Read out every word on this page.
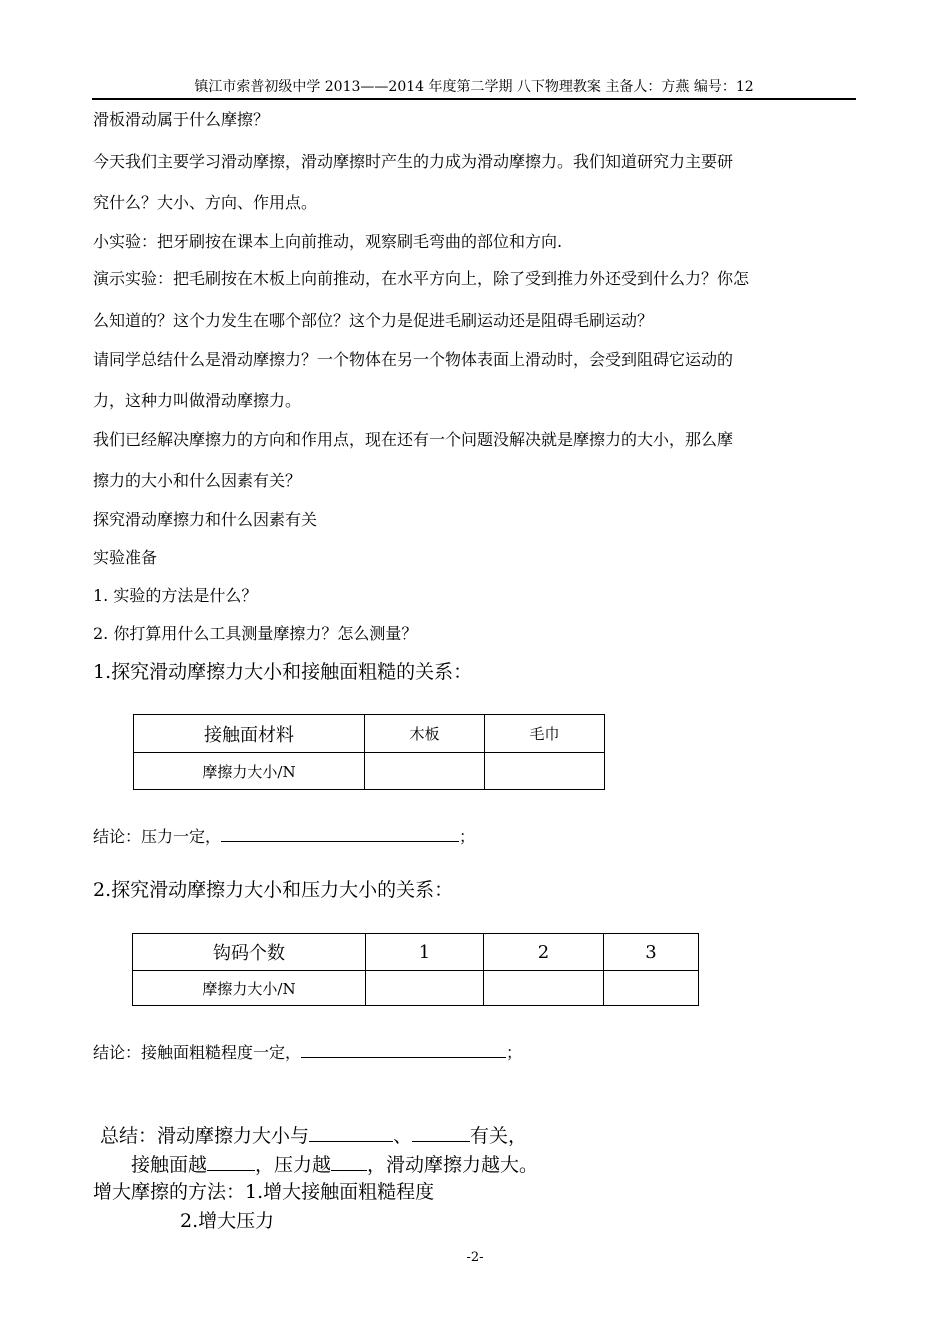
镇江市索普初级中学 2013——2014 年度第二学期 八下物理教案 主备人：方燕 编号：12
滑板滑动属于什么摩擦？
今天我们主要学习滑动摩擦，滑动摩擦时产生的力成为滑动摩擦力。我们知道研究力主要研
究什么？大小、方向、作用点。
小实验：把牙刷按在课本上向前推动，观察刷毛弯曲的部位和方向.
演示实验：把毛刷按在木板上向前推动，在水平方向上，除了受到推力外还受到什么力？你怎
么知道的？这个力发生在哪个部位？这个力是促进毛刷运动还是阻碍毛刷运动？
请同学总结什么是滑动摩擦力？一个物体在另一个物体表面上滑动时，会受到阻碍它运动的
力，这种力叫做滑动摩擦力。
我们已经解决摩擦力的方向和作用点，现在还有一个问题没解决就是摩擦力的大小，那么摩
擦力的大小和什么因素有关？
探究滑动摩擦力和什么因素有关
实验准备
1. 实验的方法是什么？
2. 你打算用什么工具测量摩擦力？怎么测量？
1.探究滑动摩擦力大小和接触面粗糙的关系：
接触面材料	木板	毛巾
摩擦力大小/N		
结论：压力一定，	；
2.探究滑动摩擦力大小和压力大小的关系：
钩码个数	1	2	3
摩擦力大小/N			
结论：接触面粗糙程度一定，	；
总结：滑动摩擦力大小与	、	有关，
接触面越	，压力越 ，滑动摩擦力越大。
增大摩擦的方法：1.增大接触面粗糙程度
2.增大压力
-2-
